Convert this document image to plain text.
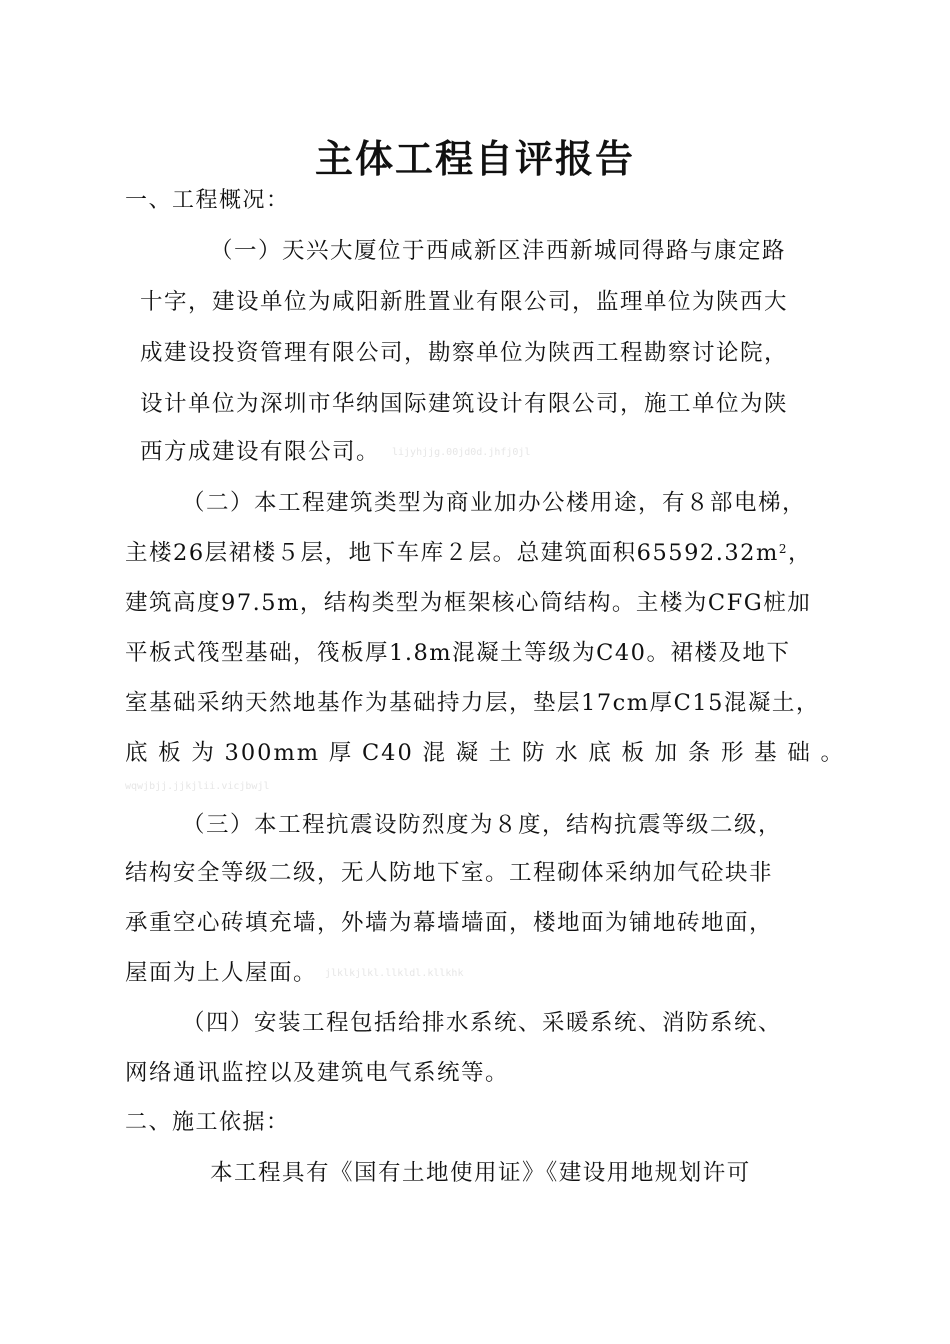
主体工程自评报告
一、工程概况：
（一）天兴大厦位于西咸新区沣西新城同得路与康定路
十字，建设单位为咸阳新胜置业有限公司，监理单位为陕西大
成建设投资管理有限公司，勘察单位为陕西工程勘察讨论院，
设计单位为深圳市华纳国际建筑设计有限公司，施工单位为陕
西方成建设有限公司。 lijyhjjg.00jd0d.jhfj0jl
（二）本工程建筑类型为商业加办公楼用途，有８部电梯，
主楼26层裙楼５层，地下车库２层。总建筑面积$65592.32m^2$，
建筑高度97.5m，结构类型为框架核心筒结构。主楼为CFG桩加
平板式筏型基础，筏板厚1.8m混凝土等级为C40。裙楼及地下
室基础采纳天然地基作为基础持力层，垫层17cm厚C15混凝土，
底板为300mm厚C40混凝土防水底板加条形基础。
wqwjbjj.jjkjlii.vicjbwjl
（三）本工程抗震设防烈度为８度，结构抗震等级二级，
结构安全等级二级，无人防地下室。工程砌体采纳加气砼块非
承重空心砖填充墙，外墙为幕墙墙面，楼地面为铺地砖地面，
屋面为上人屋面。 jlklkjlkl.llkldl.kllkhk
（四）安装工程包括给排水系统、采暖系统、消防系统、
网络通讯监控以及建筑电气系统等。
二、施工依据：
本工程具有《国有土地使用证》《建设用地规划许可
